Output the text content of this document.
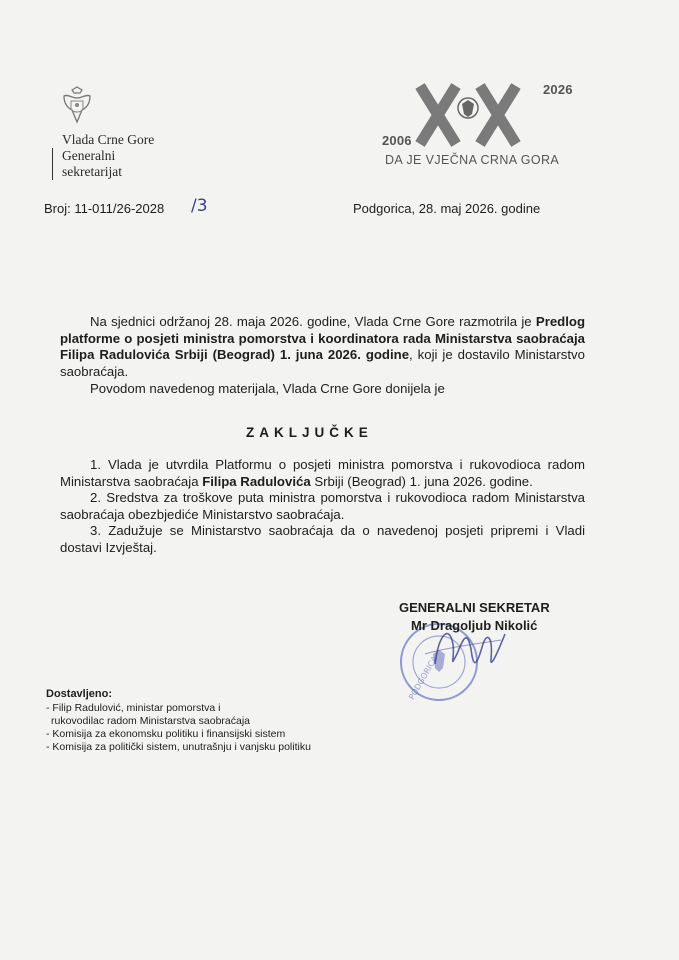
Vlada Crne Gore
Generalni
sekretarijat
2006
2026
DA JE VJEČNA CRNA GORA
Broj: 11-011/26-2028 /3	Podgorica, 28. maj 2026. godine

Na sjednici održanoj 28. maja 2026. godine, Vlada Crne Gore razmotrila je Predlog platforme o posjeti ministra pomorstva i koordinatora rada Ministarstva saobraćaja Filipa Radulovića Srbiji (Beograd) 1. juna 2026. godine, koji je dostavilo Ministarstvo saobraćaja.

Povodom navedenog materijala, Vlada Crne Gore donijela je

ZAKLJUČKE

1. Vlada je utvrdila Platformu o posjeti ministra pomorstva i rukovodioca radom Ministarstva saobraćaja Filipa Radulovića Srbiji (Beograd) 1. juna 2026. godine.

2. Sredstva za troškove puta ministra pomorstva i rukovodioca radom Ministarstva saobraćaja obezbjediće Ministarstvo saobraćaja.

3. Zadužuje se Ministarstvo saobraćaja da o navedenoj posjeti pripremi i Vladi dostavi Izvještaj.

PODGORICA
GENERALNI SEKRETAR
Mr Dragoljub Nikolić
Dostavljeno:
- Filip Radulović, ministar pomorstva i
rukovodilac radom Ministarstva saobraćaja
- Komisija za ekonomsku politiku i finansijski sistem
- Komisija za politički sistem, unutrašnju i vanjsku politiku
